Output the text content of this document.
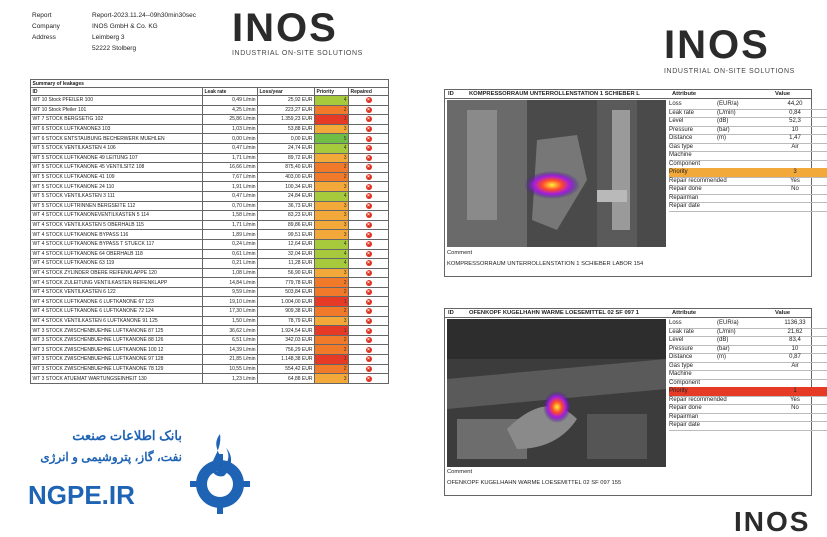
Report	Report-2023.11.24--09h30min30sec
Company	INOS GmbH & Co. KG
Address	Leimberg 3
52222 Stolberg	INOS
INDUSTRIAL ON-SITE SOLUTIONS	INOS
INDUSTRIAL ON-SITE SOLUTIONS
Summary of leakages				
ID	Leak rate	Loss/year	Priority	Repaired
WT 10 Stock PFEILER 100	0,49 L/min	25,92 EUR	4	×
WT 10 Stock Pfeiler 101	4,25 L/min	223,27 EUR	2	×
WT 7 STOCK BERGSETIG 102	25,86 L/min	1.359,23 EUR	1	×
WT 6 STOCK LUFTKANONE3 103	1,03 L/min	53,88 EUR	3	×
WT 6 STOCK ENTSTAUBUNG BECHERWERK MUEHLEN	0,00 L/min	0,00 EUR	5	×
WT 5 STOCK VENTILKASTEN 4 106	0,47 L/min	24,74 EUR	4	×
WT 5 STOCK LUFTKANONE 49 LEITUNG 107	1,71 L/min	89,72 EUR	3	×
WT 5 STOCK LUFTKANONE 45 VENTILSITZ 108	16,66 L/min	875,40 EUR	2	×
WT 5 STOCK LUFTKANONE 41 109	7,67 L/min	403,00 EUR	2	×
WT 5 STOCK LUFTKANONE 24 110	1,91 L/min	100,34 EUR	3	×
WT 5 STOCK VENTILKASTEN 3 111	0,47 L/min	24,84 EUR	4	×
WT 5 STOCK LUFTRINNEN BERGSEITE 112	0,70 L/min	36,73 EUR	3	×
WT 4 STOCK LUFTKANONEVENTILKASTEN 5 114	1,58 L/min	83,23 EUR	3	×
WT 4 STOCK VENTILKASTEN 5 OBERHALB 115	1,71 L/min	89,86 EUR	3	×
WT 4 STOCK LUFTKANONE BYPASS 116	1,89 L/min	99,51 EUR	3	×
WT 4 STOCK LUFTKANONE BYPASS T STUECK 117	0,24 L/min	12,64 EUR	4	×
WT 4 STOCK LUFTKANONE 64 OBERHALB 118	0,61 L/min	32,04 EUR	4	×
WT 4 STOCK LUFTKANONE 63 119	0,21 L/min	11,28 EUR	4	×
WT 4 STOCK ZYLINDER OBERE REIFENKLAPPE 120	1,08 L/min	56,90 EUR	3	×
WT 4 STOCK ZULEITUNG VENTILKASTEN REIFENKLAPP	14,84 L/min	779,78 EUR	2	×
WT 4 STOCK VENTILKASTEN 6 122	9,59 L/min	503,84 EUR	2	×
WT 4 STOCK LUFTKANONE 6 LUFTKANONE 67 123	19,10 L/min	1.004,00 EUR	1	×
WT 4 STOCK LUFTKANONE 6 LUFTKANONE 72 124	17,30 L/min	909,38 EUR	2	×
WT 4 STOCK VENTILKASTEN 6 LUFTKANONE 91 125	1,50 L/min	78,79 EUR	3	×
WT 3 STOCK ZWISCHENBUEHNE LUFTKANONE 87 125	36,62 L/min	1.924,54 EUR	1	×
WT 3 STOCK ZWISCHENBUEHNE LUFTKANONE 88 126	6,51 L/min	342,03 EUR	2	×
WT 3 STOCK ZWISCHENBUEHNE LUFTKANONE 100 12	14,39 L/min	756,29 EUR	2	×
WT 3 STOCK ZWISCHENBUEHNE LUFTKANONE 97 128	21,85 L/min	1.148,38 EUR	1	×
WT 3 STOCK ZWISCHENBUEHNE LUFTKANONE 78 129	10,55 L/min	554,42 EUR	2	×
WT 3 STOCK ATUEMAT WARTUNGSEINHEIT 130	1,23 L/min	64,88 EUR	3	×
ID	KOMPRESSORRAUM UNTERROLLENSTATION 1 SCHIEBER L	Attribute	Value
Loss	(EUR/a)	44,20
Leak rate	(L/min)	0,84
Level	(dB)	52,3
Pressure	(bar)	10
Distance	(m)	1,47
Gas type	Air
Machine
Component
Priority	3
Repair recommended	Yes
Repair done	No
Repairman
Repair date
Comment
KOMPRESSORRAUM UNTERROLLENSTATION 1 SCHIEBER LABOR 154
ID	OFENKOPF KUGELHAHN WARME LOESEMITTEL 02 SF 097 1	Attribute	Value
Loss	(EUR/a)	1136,33
Leak rate	(L/min)	21,62
Level	(dB)	83,4
Pressure	(bar)	10
Distance	(m)	0,87
Gas type	Air
Machine
Component
Priority	1
Repair recommended	Yes
Repair done	No
Repairman
Repair date
Comment
OFENKOPF KUGELHAHN WARME LOESEMITTEL 02 SF 097 155
INOS
بانک اطلاعات صنعت
نفت، گاز، پتروشیمی و انرژی
NGPE.IR
